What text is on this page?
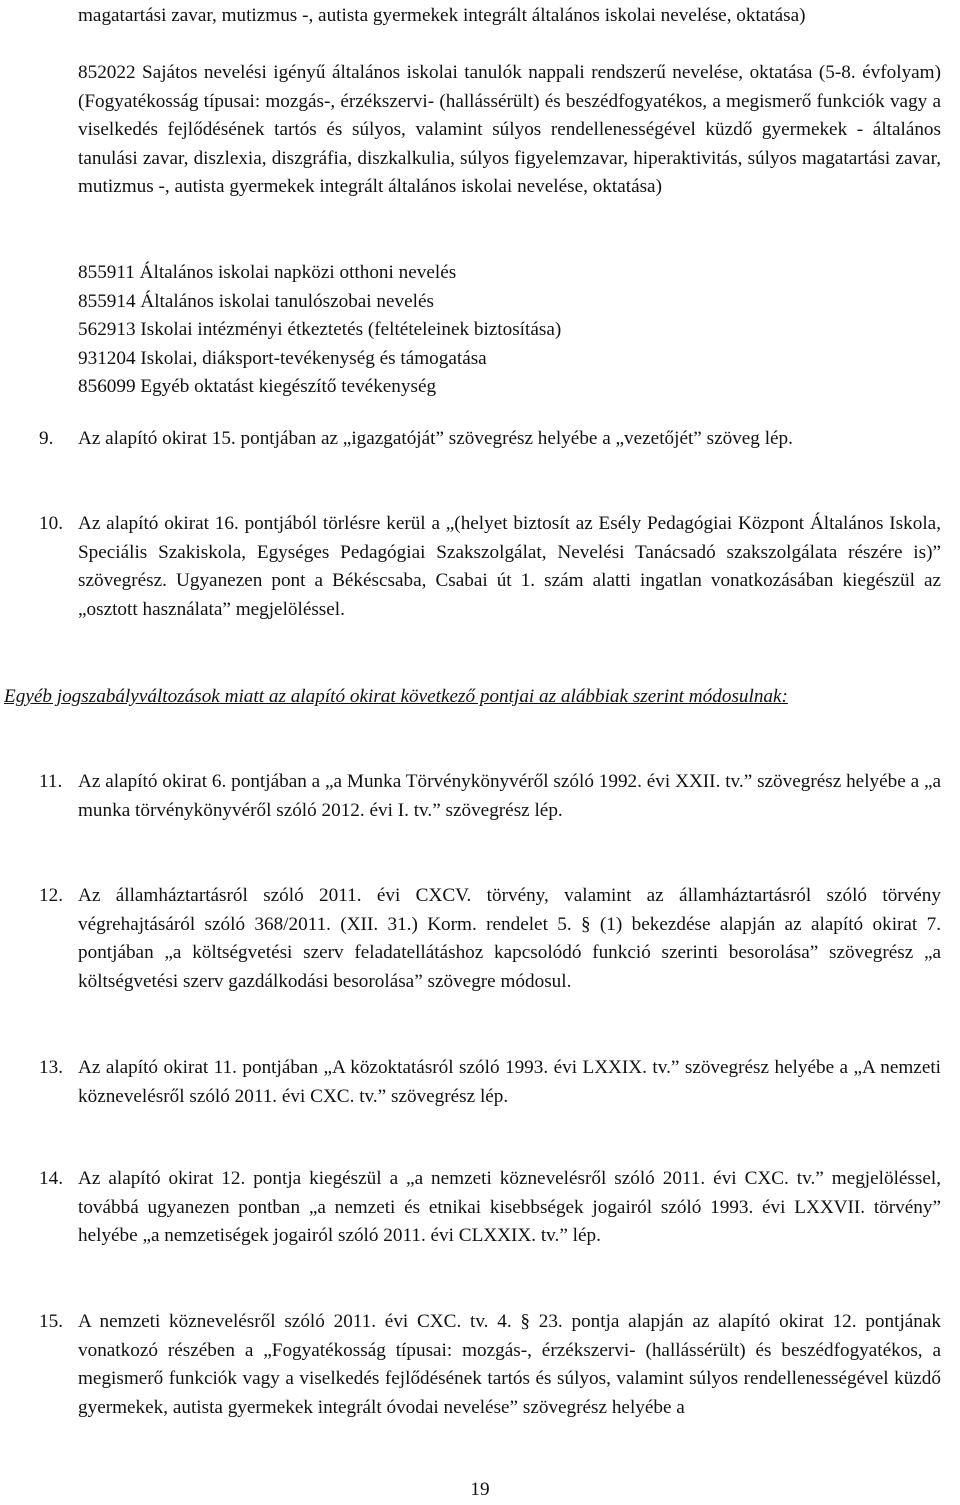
magatartási zavar, mutizmus -, autista gyermekek integrált általános iskolai nevelése, oktatása)
852022 Sajátos nevelési igényű általános iskolai tanulók nappali rendszerű nevelése, oktatása (5-8. évfolyam) (Fogyatékosság típusai: mozgás-, érzékszervi- (hallássérült) és beszédfogyatékos, a megismerő funkciók vagy a viselkedés fejlődésének tartós és súlyos, valamint súlyos rendellenességével küzdő gyermekek - általános tanulási zavar, diszlexia, diszgráfia, diszkalkulia, súlyos figyelemzavar, hiperaktivitás, súlyos magatartási zavar, mutizmus -, autista gyermekek integrált általános iskolai nevelése, oktatása)
855911 Általános iskolai napközi otthoni nevelés
855914 Általános iskolai tanulószobai nevelés
562913 Iskolai intézményi étkeztetés (feltételeinek biztosítása)
931204 Iskolai, diáksport-tevékenység és támogatása
856099 Egyéb oktatást kiegészítő tevékenység
9. Az alapító okirat 15. pontjában az „igazgatóját” szövegrész helyébe a „vezetőjét” szöveg lép.
10. Az alapító okirat 16. pontjából törlésre kerül a „(helyet biztosít az Esély Pedagógiai Központ Általános Iskola, Speciális Szakiskola, Egységes Pedagógiai Szakszolgálat, Nevelési Tanácsadó szakszolgálata részére is)” szövegrész. Ugyanezen pont a Békéscsaba, Csabai út 1. szám alatti ingatlan vonatkozásában kiegészül az „osztott használata” megjelöléssel.
Egyéb jogszabályváltozások miatt az alapító okirat következő pontjai az alábbiak szerint módosulnak:
11. Az alapító okirat 6. pontjában a „a Munka Törvénykönyvéről szóló 1992. évi XXII. tv.” szövegrész helyébe a „a munka törvénykönyvéről szóló 2012. évi I. tv.” szövegrész lép.
12. Az államháztartásról szóló 2011. évi CXCV. törvény, valamint az államháztartásról szóló törvény végrehajtásáról szóló 368/2011. (XII. 31.) Korm. rendelet 5. § (1) bekezdése alapján az alapító okirat 7. pontjában „a költségvetési szerv feladatellátáshoz kapcsolódó funkció szerinti besorolása” szövegrész „a költségvetési szerv gazdálkodási besorolása” szövegre módosul.
13. Az alapító okirat 11. pontjában „A közoktatásról szóló 1993. évi LXXIX. tv.” szövegrész helyébe a „A nemzeti köznevelésről szóló 2011. évi CXC. tv.” szövegrész lép.
14. Az alapító okirat 12. pontja kiegészül a „a nemzeti köznevelésről szóló 2011. évi CXC. tv.” megjelöléssel, továbbá ugyanezen pontban „a nemzeti és etnikai kisebbségek jogairól szóló 1993. évi LXXVII. törvény” helyébe „a nemzetiségek jogairól szóló 2011. évi CLXXIX. tv.” lép.
15. A nemzeti köznevelésről szóló 2011. évi CXC. tv. 4. § 23. pontja alapján az alapító okirat 12. pontjának vonatkozó részében a „Fogyatékosság típusai: mozgás-, érzékszervi- (hallássérült) és beszédfogyatékos, a megismerő funkciók vagy a viselkedés fejlődésének tartós és súlyos, valamint súlyos rendellenességével küzdő gyermekek, autista gyermekek integrált óvodai nevelése” szövegrész helyébe a
19
